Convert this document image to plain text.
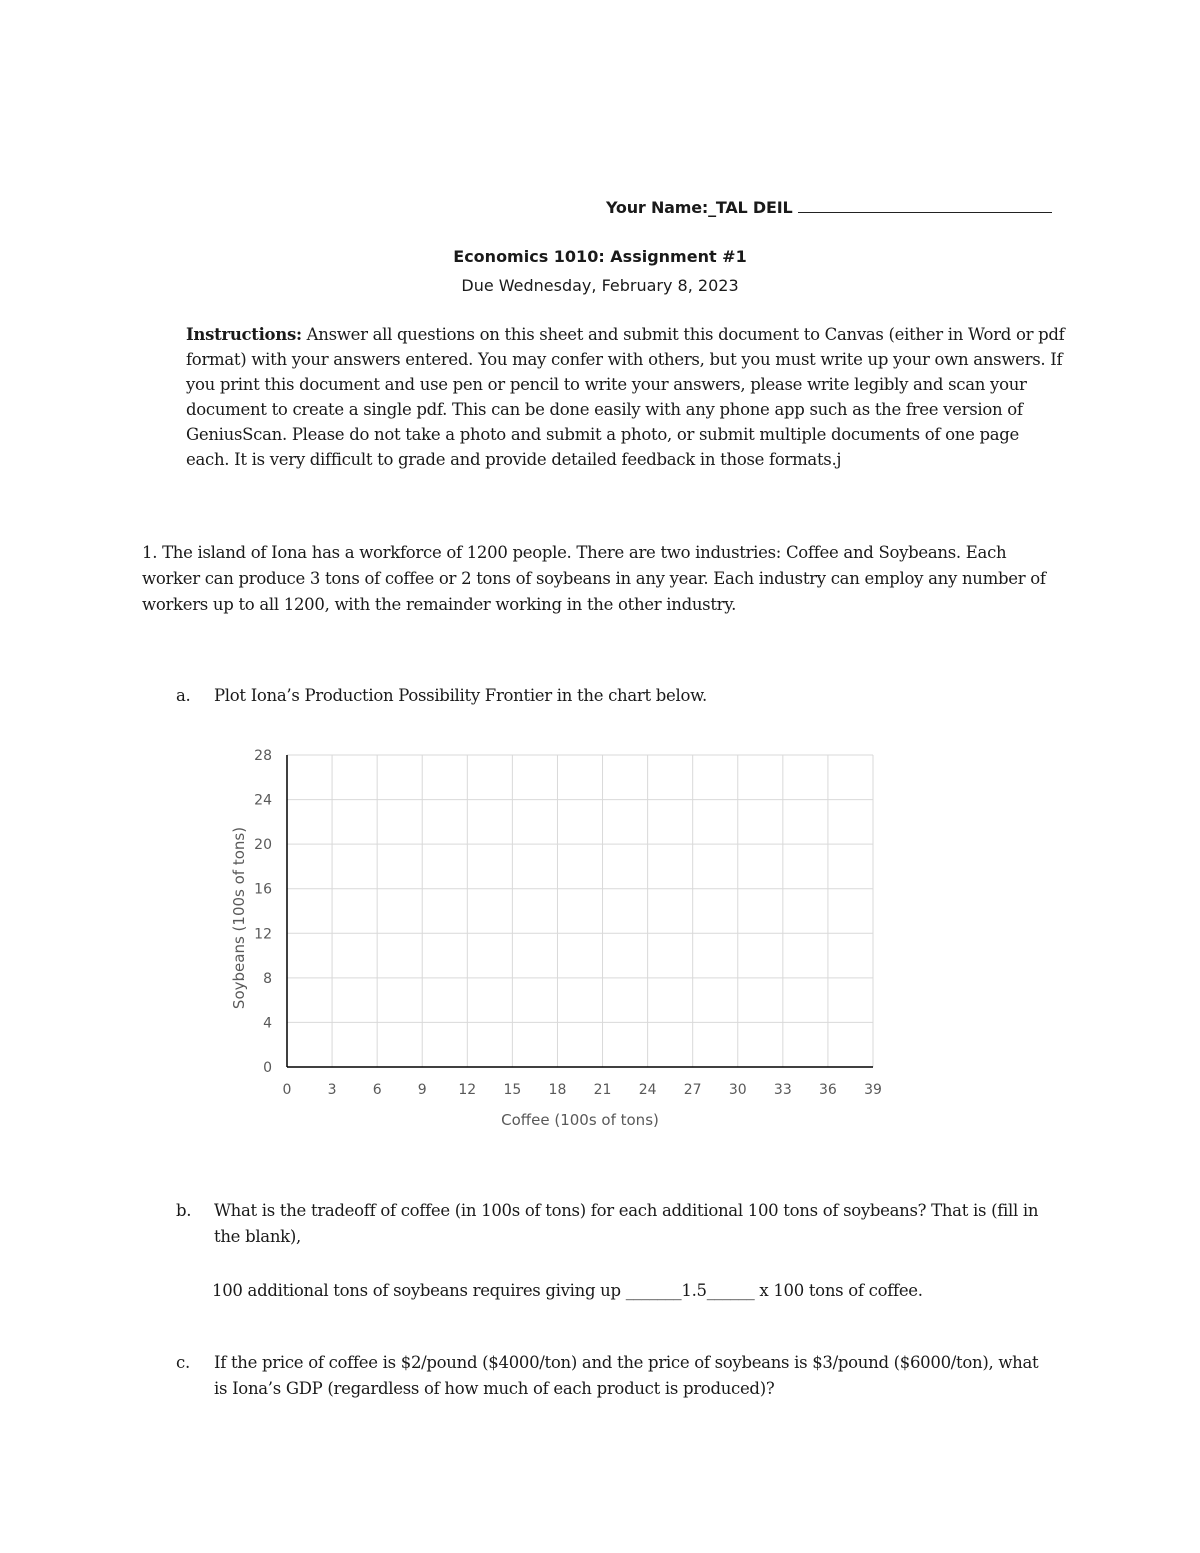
Your Name:_TAL DEIL
Economics 1010: Assignment #1
Due Wednesday, February 8, 2023
Instructions: Answer all questions on this sheet and submit this document to Canvas (either in Word or pdf format) with your answers entered. You may confer with others, but you must write up your own answers. If you print this document and use pen or pencil to write your answers, please write legibly and scan your document to create a single pdf. This can be done easily with any phone app such as the free version of GeniusScan. Please do not take a photo and submit a photo, or submit multiple documents of one page each. It is very difficult to grade and provide detailed feedback in those formats.j
1. The island of Iona has a workforce of 1200 people. There are two industries: Coffee and Soybeans. Each worker can produce 3 tons of coffee or 2 tons of soybeans in any year. Each industry can employ any number of workers up to all 1200, with the remainder working in the other industry.
a. Plot Iona’s Production Possibility Frontier in the chart below.
0
4
8
12
16
20
24
28
0	3	6	9 12 15 18 21 24 27 30 33 36 39
Soybeans (100s of tons)
Coffee (100s of tons)
b. What is the tradeoff of coffee (in 100s of tons) for each additional 100 tons of soybeans? That is (fill in the blank),
100 additional tons of soybeans requires giving up _______1.5______ x 100 tons of coffee.
c. If the price of coffee is $2/pound ($4000/ton) and the price of soybeans is $3/pound ($6000/ton), what is Iona’s GDP (regardless of how much of each product is produced)?
